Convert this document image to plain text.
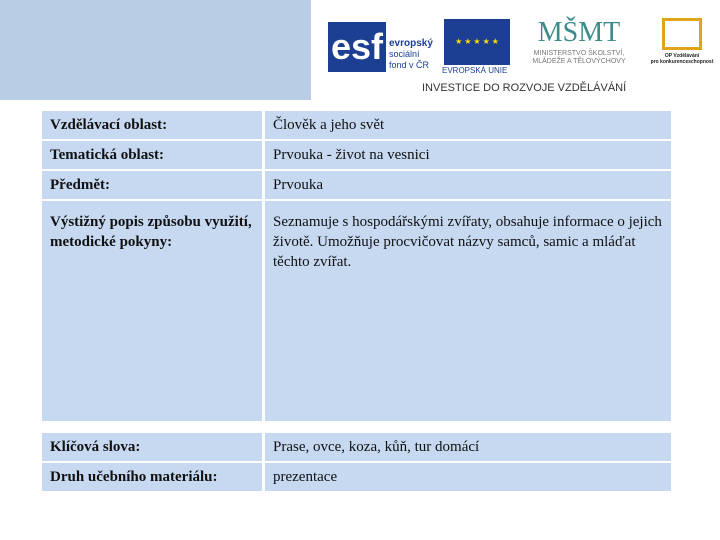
esf evropský
sociální
fond v ČR
★ ★ ★ ★ ★
EVROPSKÁ UNIE
MŠMT
MINISTERSTVO ŠKOLSTVÍ,
MLÁDEŽE A TĚLOVÝCHOVY
OP Vzdělávání
pro konkurenceschopnost
INVESTICE DO ROZVOJE VZDĚLÁVÁNÍ
Vzdělávací oblast:	Člověk a jeho svět
Tematická oblast:	Prvouka - život na vesnici
Předmět:	Prvouka
Výstižný popis způsobu využití, metodické pokyny:
Seznamuje s hospodářskými zvířaty, obsahuje informace o jejich životě. Umožňuje procvičovat názvy samců, samic a mláďat těchto zvířat.
Klíčová slova:	Prase, ovce, koza, kůň, tur domácí
Druh učebního materiálu:	prezentace
